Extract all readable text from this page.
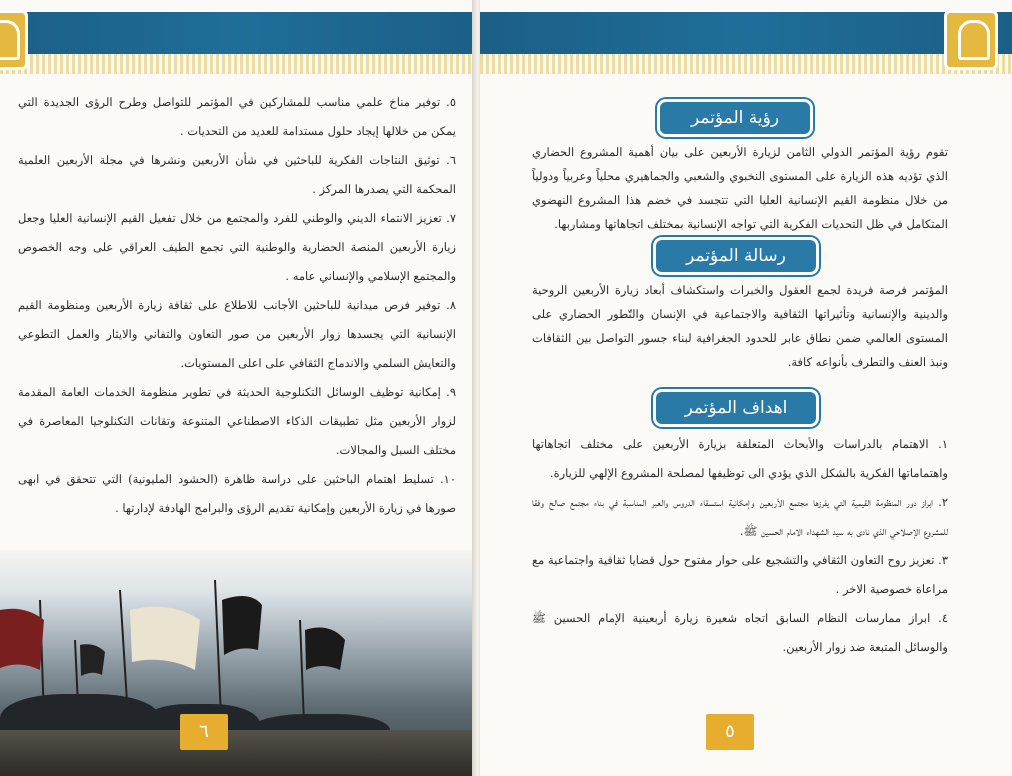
٥. توفير مناخ علمي مناسب للمشاركين في المؤتمر للتواصل وطرح الرؤى الجديدة التي يمكن من خلالها إيجاد حلول مستدامة للعديد من التحديات .

٦. توثيق النتاجات الفكرية للباحثين في شأن الأربعين ونشرها في مجلة الأربعين العلمية المحكمة التي يصدرها المركز .

٧. تعزيز الانتماء الديني والوطني للفرد والمجتمع من خلال تفعيل القيم الإنسانية العليا وجعل زيارة الأربعين المنصة الحضارية والوطنية التي تجمع الطيف العراقي على وجه الخصوص والمجتمع الإسلامي والإنساني عامه .

٨. توفير فرص ميدانية للباحثين الأجانب للاطلاع على ثقافة زيارة الأربعين ومنظومة القيم الإنسانية التي يجسدها زوار الأربعين من صور التعاون والتفاني والايثار والعمل التطوعي والتعايش السلمي والاندماج الثقافي على اعلى المستويات.

٩. إمكانية توظيف الوسائل التكنلوجية الحديثة في تطوير منظومة الخدمات العامة المقدمة لزوار الأربعين مثل تطبيقات الذكاء الاصطناعي المتنوعة وتقانات التكنلوجيا المعاصرة في مختلف السبل والمجالات.

١٠. تسليط اهتمام الباحثين على دراسة ظاهرة (الحشود المليونية) التي تتحقق في ابهى صورها في زيارة الأربعين وإمكانية تقديم الرؤى والبرامج الهادفة لإدارتها .

٦
رؤية المؤتمر
تقوم رؤية المؤتمر الدولي الثامن لزيارة الأربعين على بيان أهمية المشروع الحضاري الذي تؤديه هذه الزيارة على المستوى النخبوي والشعبي والجماهيري محلياً وعربياً ودولياً من خلال منظومة القيم الإنسانية العليا التي تتجسد في خضم هذا المشروع النهضوي المتكامل في ظل التحديات الفكرية التي تواجه الإنسانية بمختلف اتجاهاتها ومشاربها.
رسالة المؤتمر
المؤتمر فرصة فريدة لجمع العقول والخبرات واستكشاف أبعاد زيارة الأربعين الروحية والدينية والإنسانية وتأثيراتها الثقافية والاجتماعية في الإنسان والتّطور الحضاري على المستوى العالمي ضمن نطاق عابر للحدود الجغرافية لبناء جسور التواصل بين الثقافات ونبذ العنف والتطرف بأنواعه كافة.
اهداف المؤتمر

١. الاهتمام بالدراسات والأبحاث المتعلقة بزيارة الأربعين على مختلف اتجاهاتها واهتماماتها الفكرية بالشكل الذي يؤدي الى توظيفها لمصلحة المشروع الإلهي للزيارة.

٢. ابراز دور المنظومة القيمية التي يفرزها مجتمع الأربعين وإمكانية استسقاء الدروس والعبر المناسبة في بناء مجتمع صالح وفقا للمشروع الإصلاحي الذي نادى به سيد الشهداء الامام الحسين ﷺ.

٣. تعزيز روح التعاون الثقافي والتشجيع على حوار مفتوح حول قضايا ثقافية واجتماعية مع مراعاة خصوصية الاخر .

٤. ابراز ممارسات النظام السابق اتجاه شعيرة زيارة أربعينية الإمام الحسين ﷺ والوسائل المتبعة ضد زوار الأربعين.

٥
